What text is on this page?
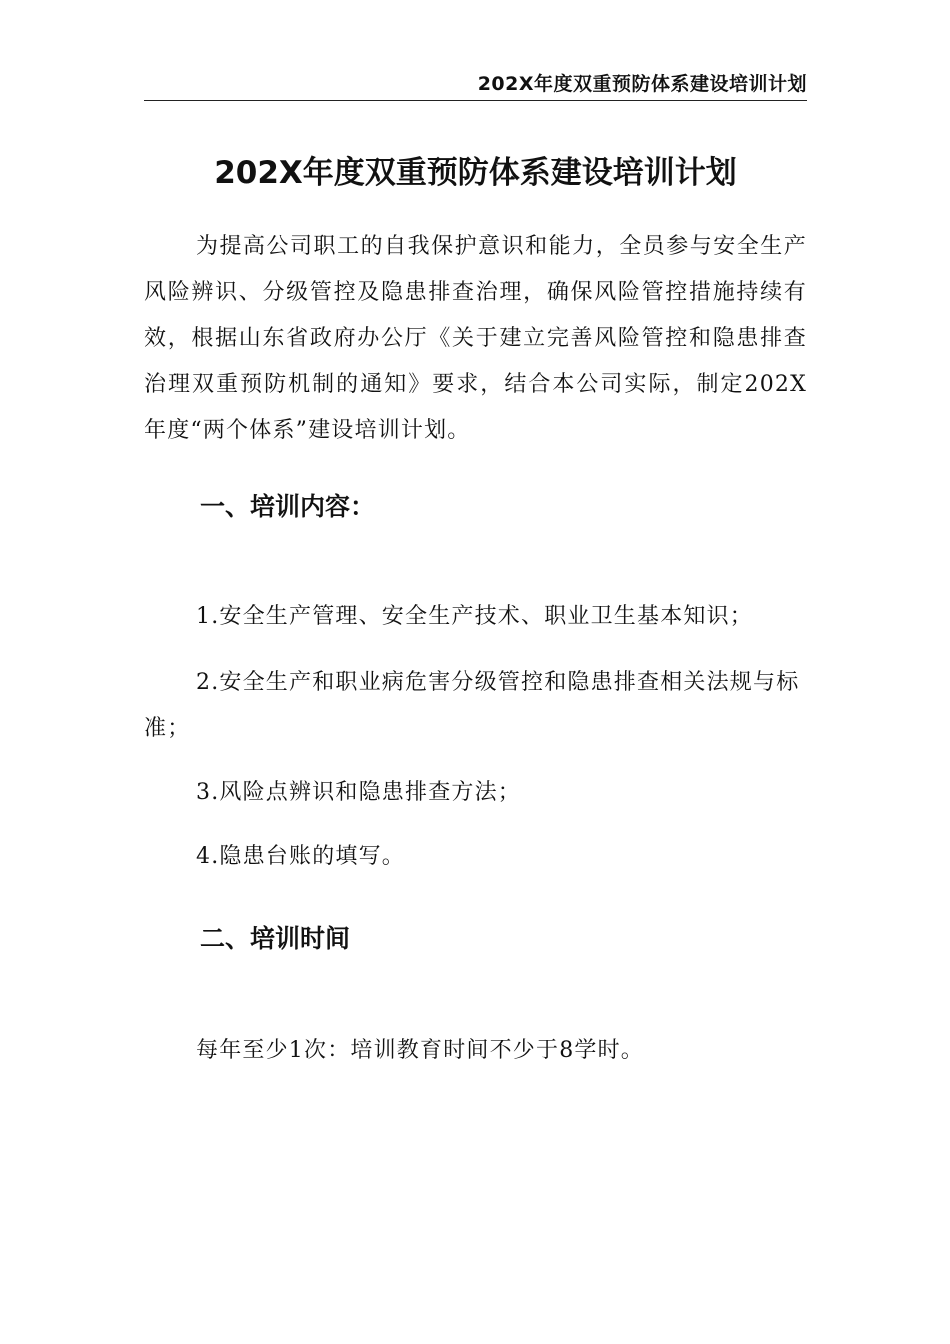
202X年度双重预防体系建设培训计划
202X年度双重预防体系建设培训计划

为提高公司职工的自我保护意识和能力，全员参与安全生产风险辨识、分级管控及隐患排查治理，确保风险管控措施持续有效，根据山东省政府办公厅《关于建立完善风险管控和隐患排查治理双重预防机制的通知》要求，结合本公司实际，制定202X年度“两个体系”建设培训计划。

一、培训内容：

1.安全生产管理、安全生产技术、职业卫生基本知识；

2.安全生产和职业病危害分级管控和隐患排查相关法规与标准；

3.风险点辨识和隐患排查方法；

4.隐患台账的填写。

二、培训时间

每年至少1次：培训教育时间不少于8学时。
